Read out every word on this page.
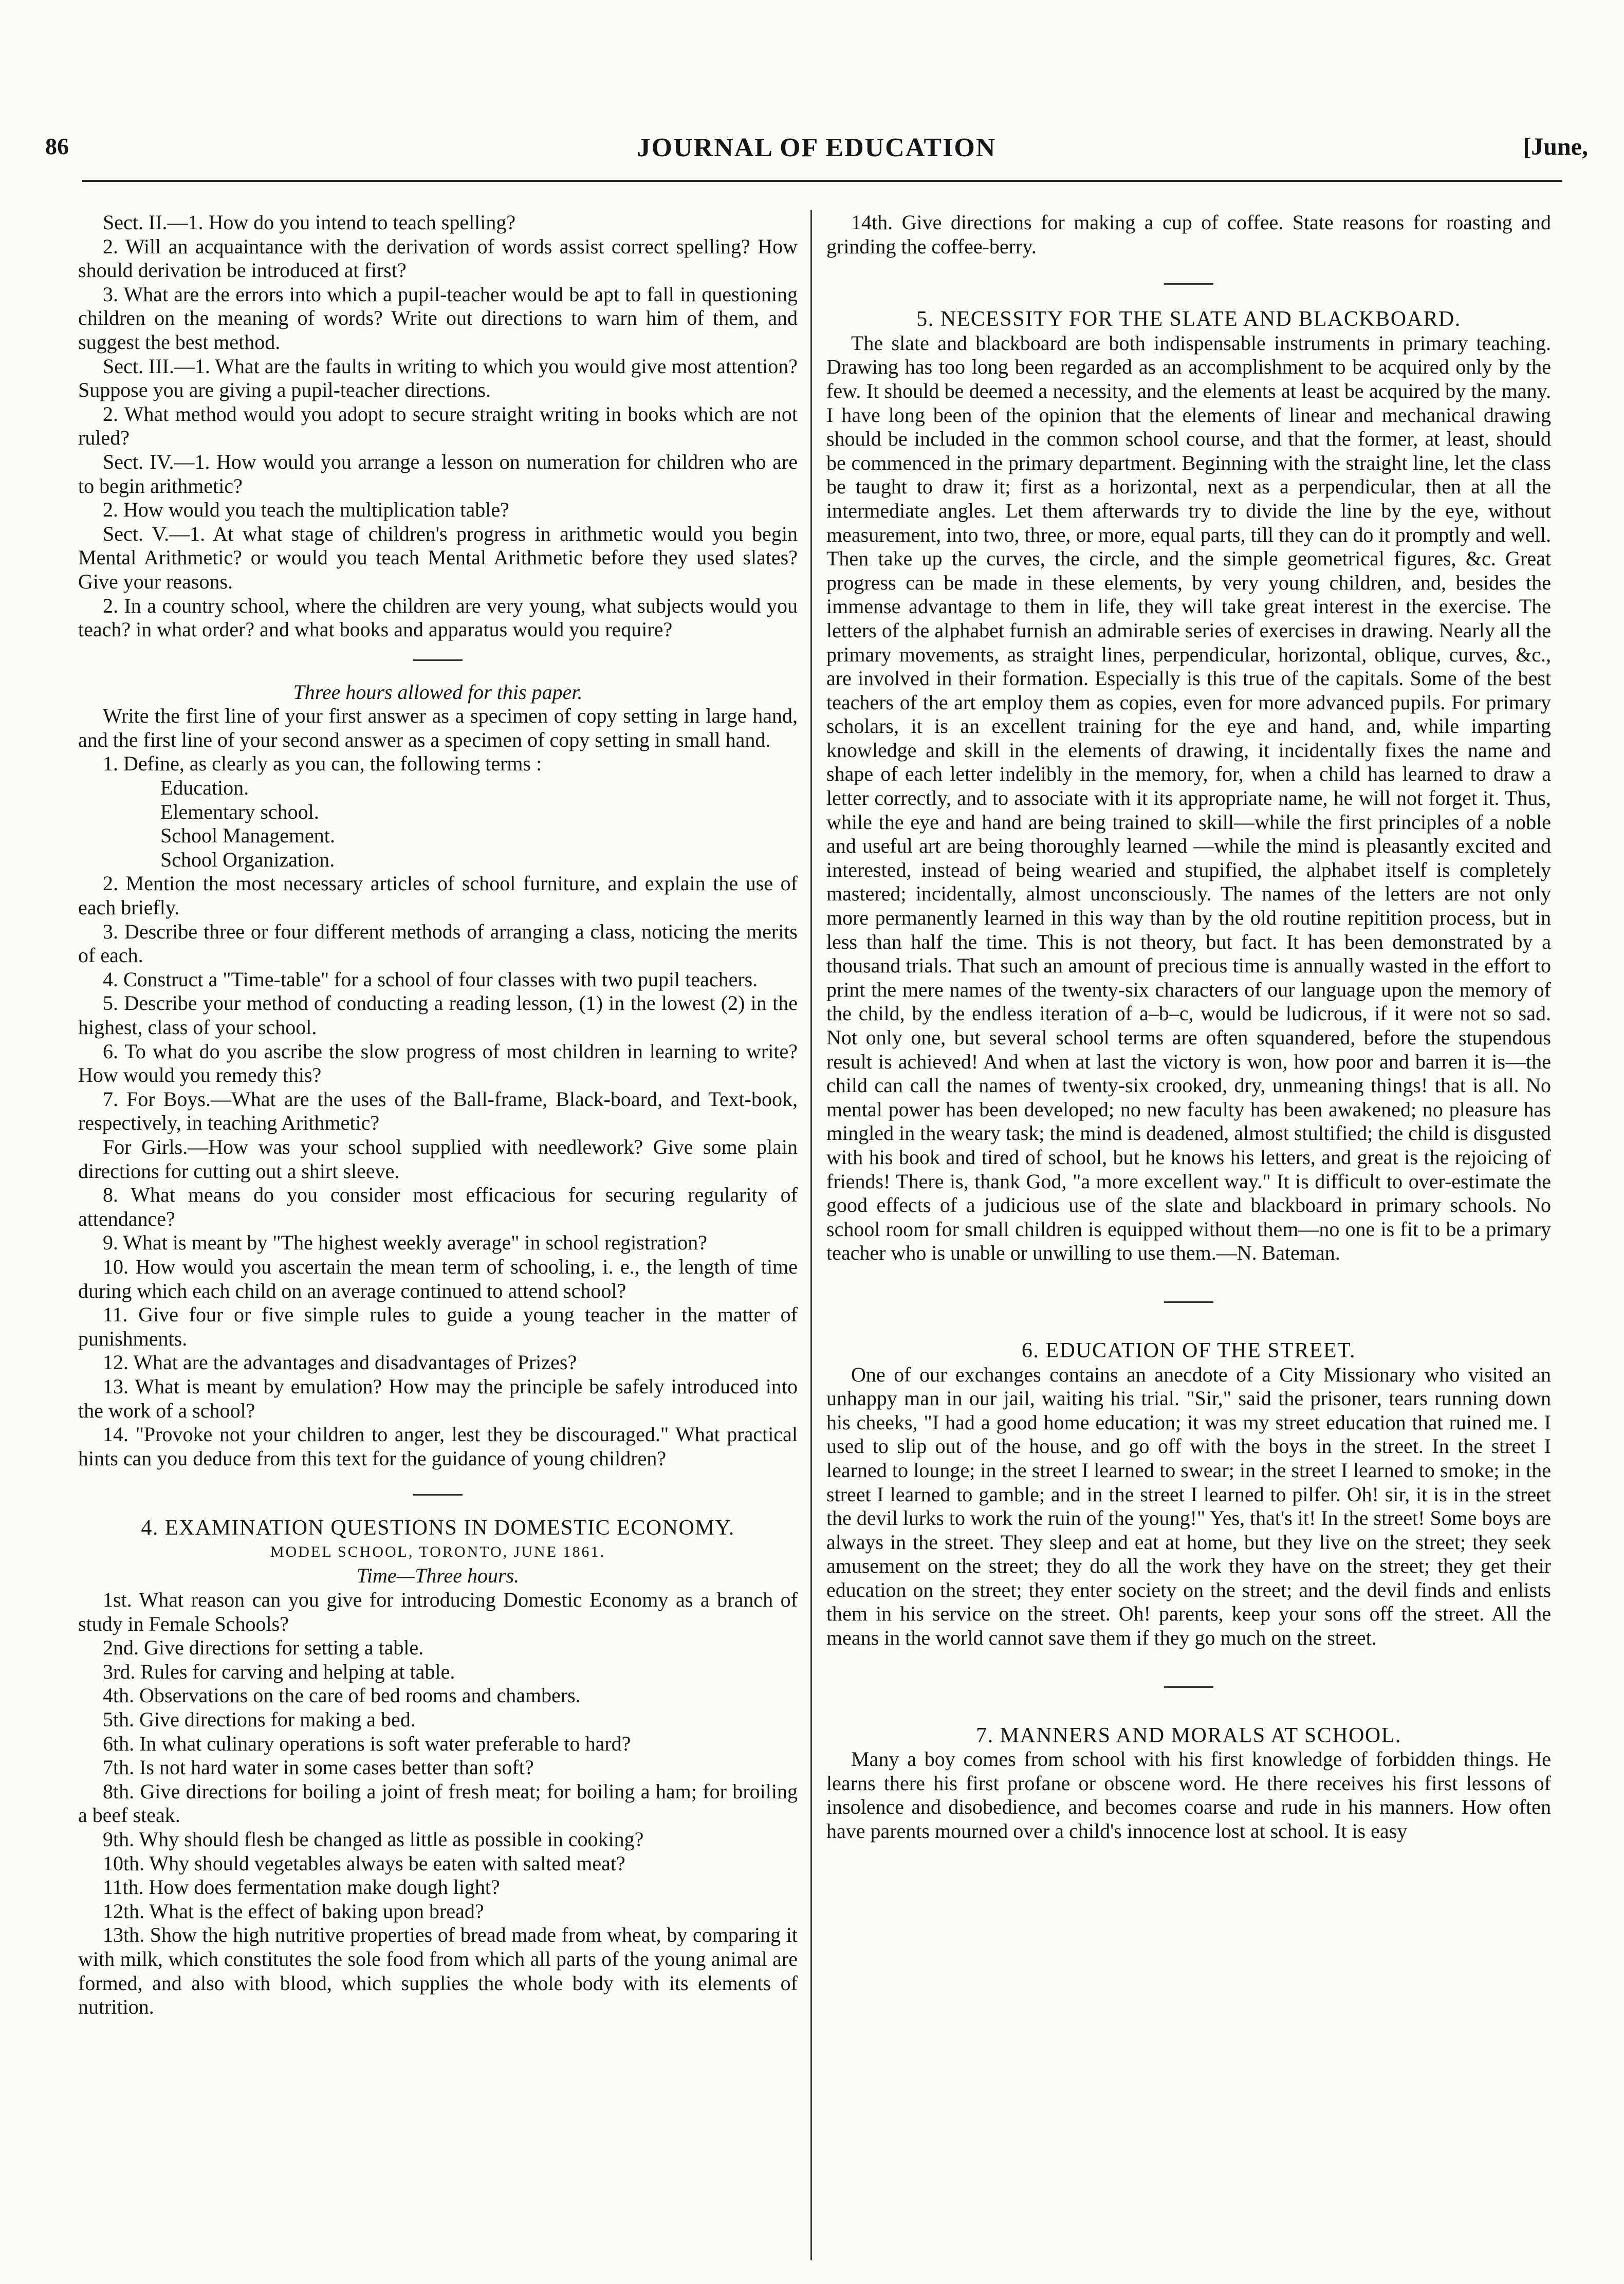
86	JOURNAL OF EDUCATION	[June,

Sect. II.—1. How do you intend to teach spelling?

2. Will an acquaintance with the derivation of words assist correct spelling? How should derivation be introduced at first?

3. What are the errors into which a pupil-teacher would be apt to fall in questioning children on the meaning of words? Write out directions to warn him of them, and suggest the best method.

Sect. III.—1. What are the faults in writing to which you would give most attention? Suppose you are giving a pupil-teacher directions.

2. What method would you adopt to secure straight writing in books which are not ruled?

Sect. IV.—1. How would you arrange a lesson on numeration for children who are to begin arithmetic?

2. How would you teach the multiplication table?

Sect. V.—1. At what stage of children's progress in arithmetic would you begin Mental Arithmetic? or would you teach Mental Arithmetic before they used slates? Give your reasons.

2. In a country school, where the children are very young, what subjects would you teach? in what order? and what books and apparatus would you require?

Three hours allowed for this paper.

Write the first line of your first answer as a specimen of copy setting in large hand, and the first line of your second answer as a specimen of copy setting in small hand.

1. Define, as clearly as you can, the following terms :

Education.

Elementary school.

School Management.

School Organization.

2. Mention the most necessary articles of school furniture, and explain the use of each briefly.

3. Describe three or four different methods of arranging a class, noticing the merits of each.

4. Construct a "Time-table" for a school of four classes with two pupil teachers.

5. Describe your method of conducting a reading lesson, (1) in the lowest (2) in the highest, class of your school.

6. To what do you ascribe the slow progress of most children in learning to write? How would you remedy this?

7. For Boys.—What are the uses of the Ball-frame, Black-board, and Text-book, respectively, in teaching Arithmetic?

For Girls.—How was your school supplied with needlework? Give some plain directions for cutting out a shirt sleeve.

8. What means do you consider most efficacious for securing regularity of attendance?

9. What is meant by "The highest weekly average" in school registration?

10. How would you ascertain the mean term of schooling, i. e., the length of time during which each child on an average continued to attend school?

11. Give four or five simple rules to guide a young teacher in the matter of punishments.

12. What are the advantages and disadvantages of Prizes?

13. What is meant by emulation? How may the principle be safely introduced into the work of a school?

14. "Provoke not your children to anger, lest they be discouraged." What practical hints can you deduce from this text for the guidance of young children?

4. EXAMINATION QUESTIONS IN DOMESTIC ECONOMY.

MODEL SCHOOL, TORONTO, JUNE 1861.

Time—Three hours.

1st. What reason can you give for introducing Domestic Economy as a branch of study in Female Schools?

2nd. Give directions for setting a table.

3rd. Rules for carving and helping at table.

4th. Observations on the care of bed rooms and chambers.

5th. Give directions for making a bed.

6th. In what culinary operations is soft water preferable to hard?

7th. Is not hard water in some cases better than soft?

8th. Give directions for boiling a joint of fresh meat; for boiling a ham; for broiling a beef steak.

9th. Why should flesh be changed as little as possible in cooking?

10th. Why should vegetables always be eaten with salted meat?

11th. How does fermentation make dough light?

12th. What is the effect of baking upon bread?

13th. Show the high nutritive properties of bread made from wheat, by comparing it with milk, which constitutes the sole food from which all parts of the young animal are formed, and also with blood, which supplies the whole body with its elements of nutrition.

14th. Give directions for making a cup of coffee. State reasons for roasting and grinding the coffee-berry.

5. NECESSITY FOR THE SLATE AND BLACKBOARD.

The slate and blackboard are both indispensable instruments in primary teaching. Drawing has too long been regarded as an accomplishment to be acquired only by the few. It should be deemed a necessity, and the elements at least be acquired by the many. I have long been of the opinion that the elements of linear and mechanical drawing should be included in the common school course, and that the former, at least, should be commenced in the primary department. Beginning with the straight line, let the class be taught to draw it; first as a horizontal, next as a perpendicular, then at all the intermediate angles. Let them afterwards try to divide the line by the eye, without measurement, into two, three, or more, equal parts, till they can do it promptly and well. Then take up the curves, the circle, and the simple geometrical figures, &c. Great progress can be made in these elements, by very young children, and, besides the immense advantage to them in life, they will take great interest in the exercise. The letters of the alphabet furnish an admirable series of exercises in drawing. Nearly all the primary movements, as straight lines, perpendicular, horizontal, oblique, curves, &c., are involved in their formation. Especially is this true of the capitals. Some of the best teachers of the art employ them as copies, even for more advanced pupils. For primary scholars, it is an excellent training for the eye and hand, and, while imparting knowledge and skill in the elements of drawing, it incidentally fixes the name and shape of each letter indelibly in the memory, for, when a child has learned to draw a letter correctly, and to associate with it its appropriate name, he will not forget it. Thus, while the eye and hand are being trained to skill—while the first principles of a noble and useful art are being thoroughly learned —while the mind is pleasantly excited and interested, instead of being wearied and stupified, the alphabet itself is completely mastered; incidentally, almost unconsciously. The names of the letters are not only more permanently learned in this way than by the old routine repitition process, but in less than half the time. This is not theory, but fact. It has been demonstrated by a thousand trials. That such an amount of precious time is annually wasted in the effort to print the mere names of the twenty-six characters of our language upon the memory of the child, by the endless iteration of a–b–c, would be ludicrous, if it were not so sad. Not only one, but several school terms are often squandered, before the stupendous result is achieved! And when at last the victory is won, how poor and barren it is—the child can call the names of twenty-six crooked, dry, unmeaning things! that is all. No mental power has been developed; no new faculty has been awakened; no pleasure has mingled in the weary task; the mind is deadened, almost stultified; the child is disgusted with his book and tired of school, but he knows his letters, and great is the rejoicing of friends! There is, thank God, "a more excellent way." It is difficult to over-estimate the good effects of a judicious use of the slate and blackboard in primary schools. No school room for small children is equipped without them—no one is fit to be a primary teacher who is unable or unwilling to use them.—N. Bateman.

6. EDUCATION OF THE STREET.

One of our exchanges contains an anecdote of a City Missionary who visited an unhappy man in our jail, waiting his trial. "Sir," said the prisoner, tears running down his cheeks, "I had a good home education; it was my street education that ruined me. I used to slip out of the house, and go off with the boys in the street. In the street I learned to lounge; in the street I learned to swear; in the street I learned to smoke; in the street I learned to gamble; and in the street I learned to pilfer. Oh! sir, it is in the street the devil lurks to work the ruin of the young!" Yes, that's it! In the street! Some boys are always in the street. They sleep and eat at home, but they live on the street; they seek amusement on the street; they do all the work they have on the street; they get their education on the street; they enter society on the street; and the devil finds and enlists them in his service on the street. Oh! parents, keep your sons off the street. All the means in the world cannot save them if they go much on the street.

7. MANNERS AND MORALS AT SCHOOL.

Many a boy comes from school with his first knowledge of forbidden things. He learns there his first profane or obscene word. He there receives his first lessons of insolence and disobedience, and becomes coarse and rude in his manners. How often have parents mourned over a child's innocence lost at school. It is easy
